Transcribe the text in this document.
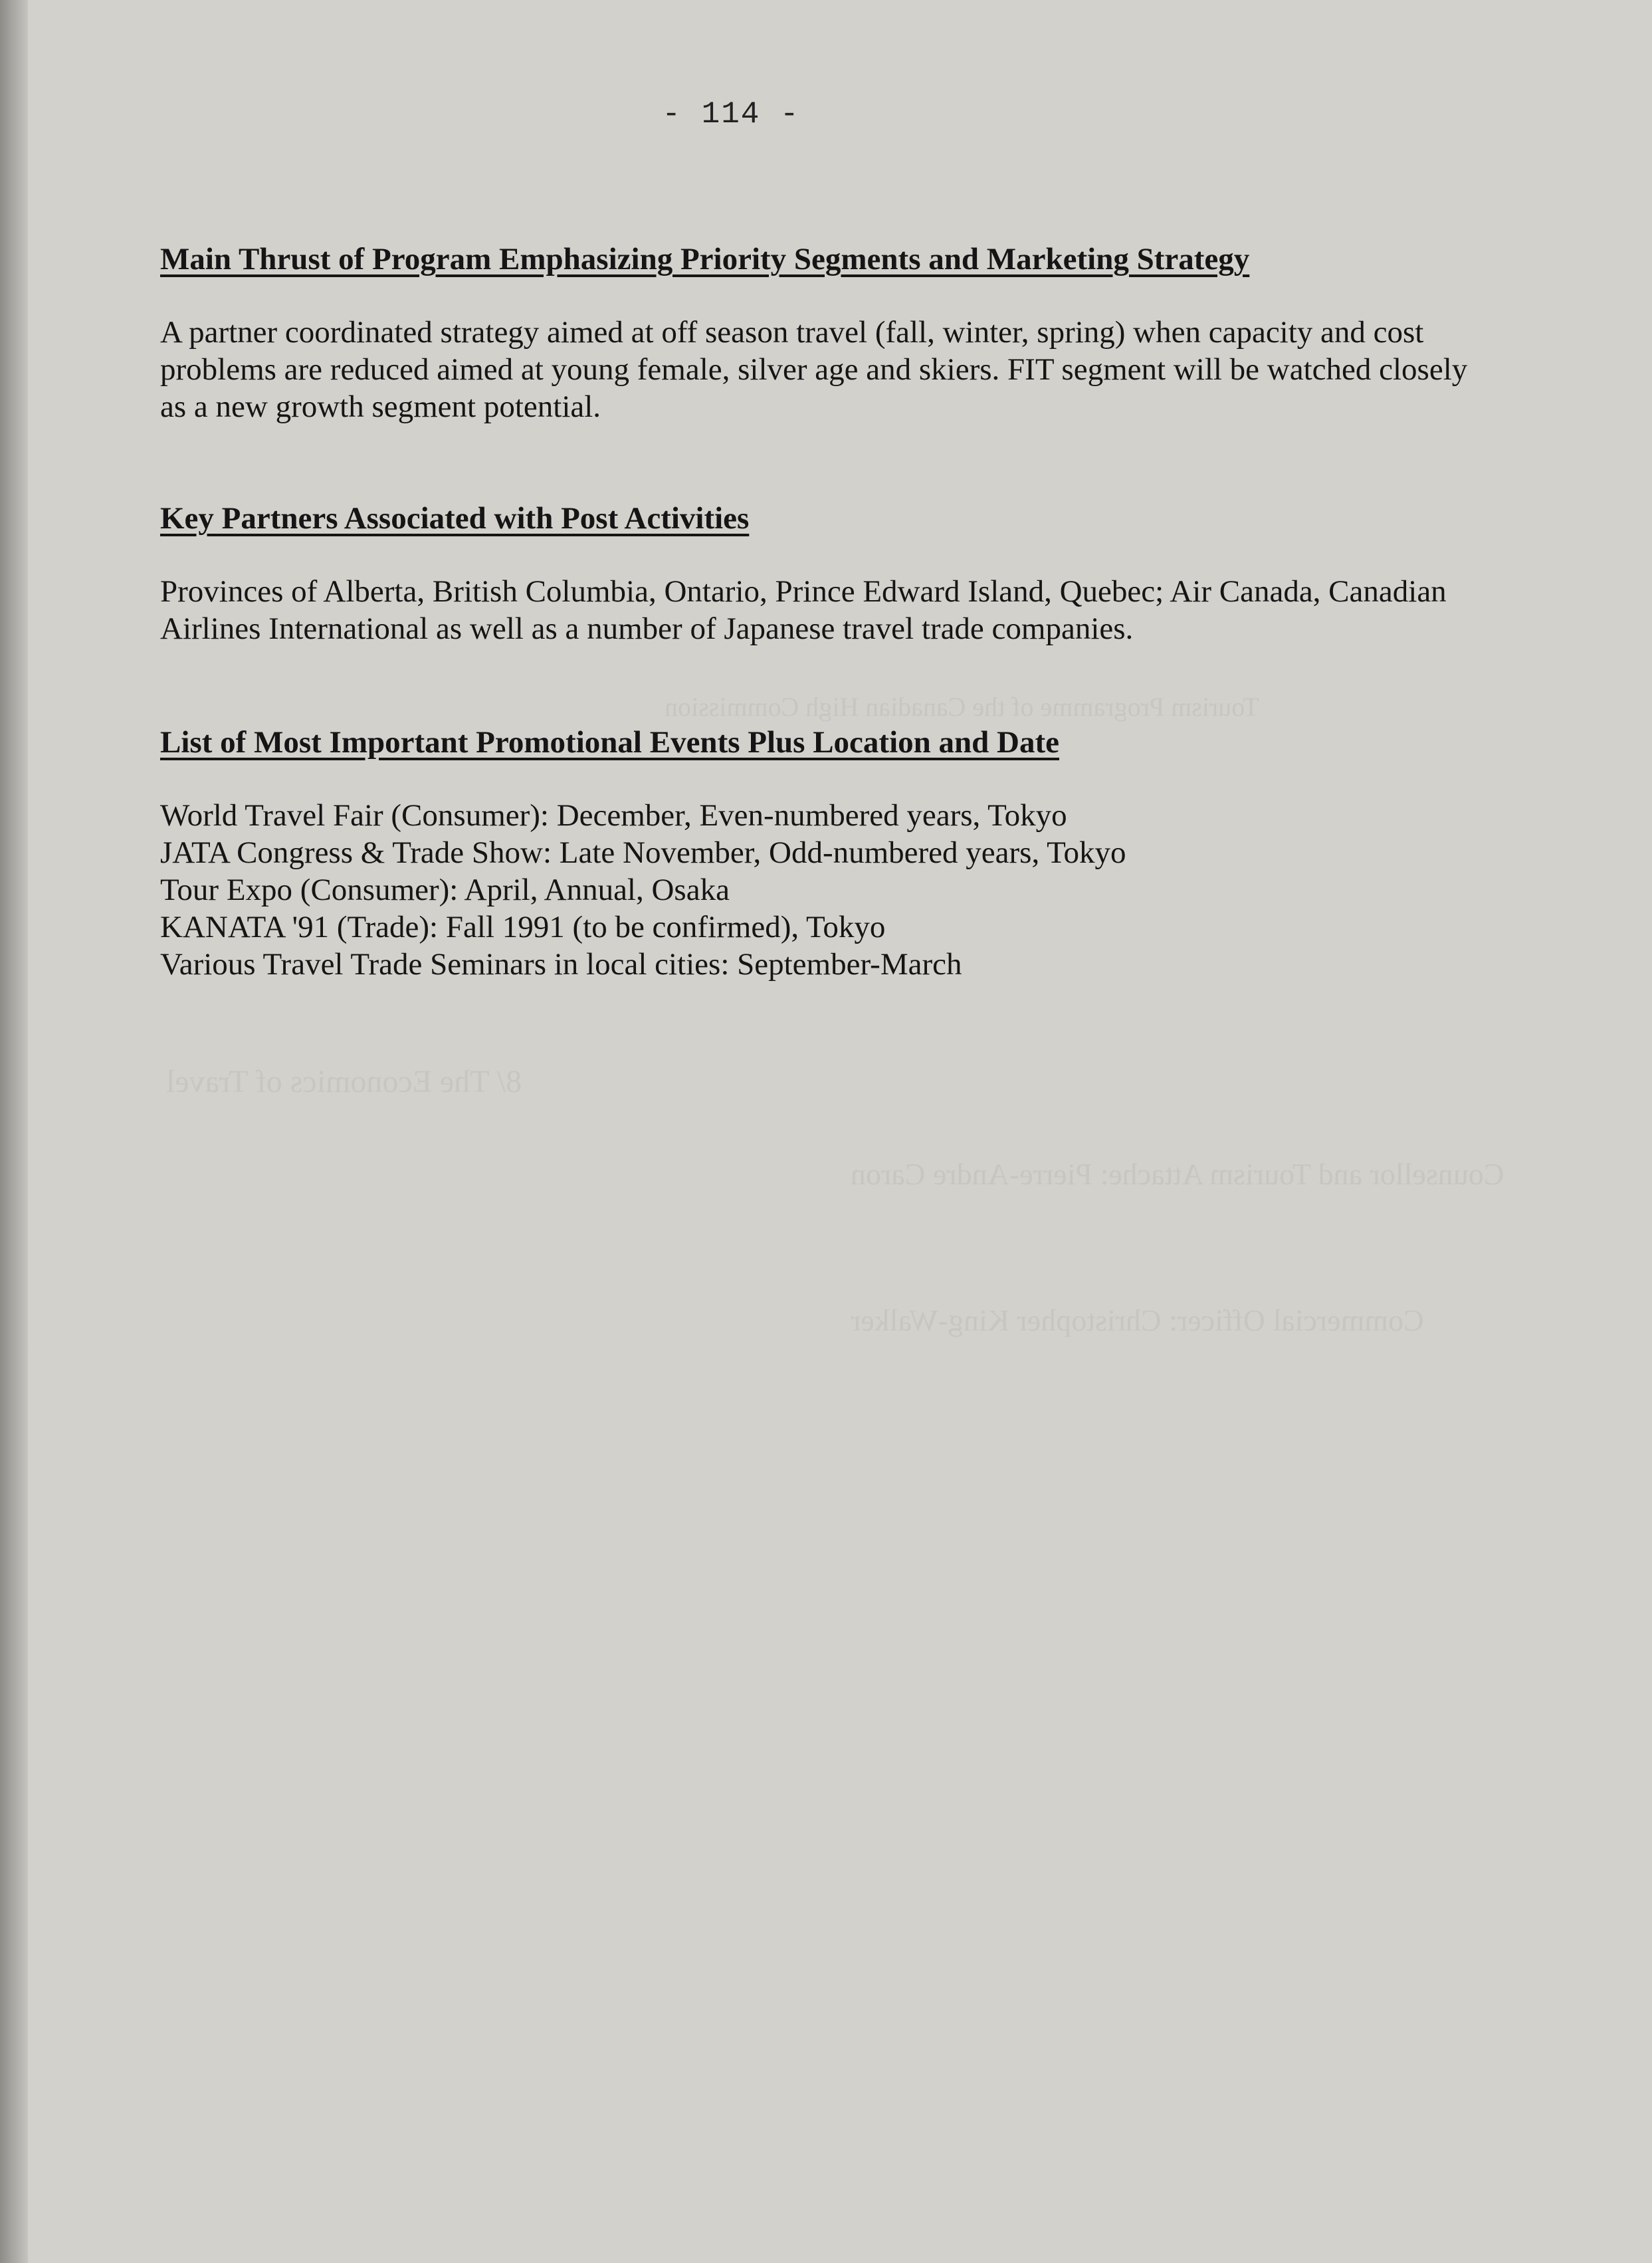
Tourism Programme of the Canadian High Commission
8/ The Economics of Travel
Counsellor and Tourism Attache: Pierre-Andre Caron
Commercial Officer: Christopher King-Walker
- 114 -

Main Thrust of Program Emphasizing Priority Segments and Marketing Strategy

A partner coordinated strategy aimed at off season travel (fall, winter, spring) when capacity and cost problems are reduced aimed at young female, silver age and skiers. FIT segment will be watched closely as a new growth segment potential.

Key Partners Associated with Post Activities

Provinces of Alberta, British Columbia, Ontario, Prince Edward Island, Quebec; Air Canada, Canadian Airlines International as well as a number of Japanese travel trade companies.

List of Most Important Promotional Events Plus Location and Date

World Travel Fair (Consumer): December, Even-numbered years, Tokyo
JATA Congress & Trade Show: Late November, Odd-numbered years, Tokyo
Tour Expo (Consumer): April, Annual, Osaka
KANATA '91 (Trade): Fall 1991 (to be confirmed), Tokyo
Various Travel Trade Seminars in local cities: September-March
